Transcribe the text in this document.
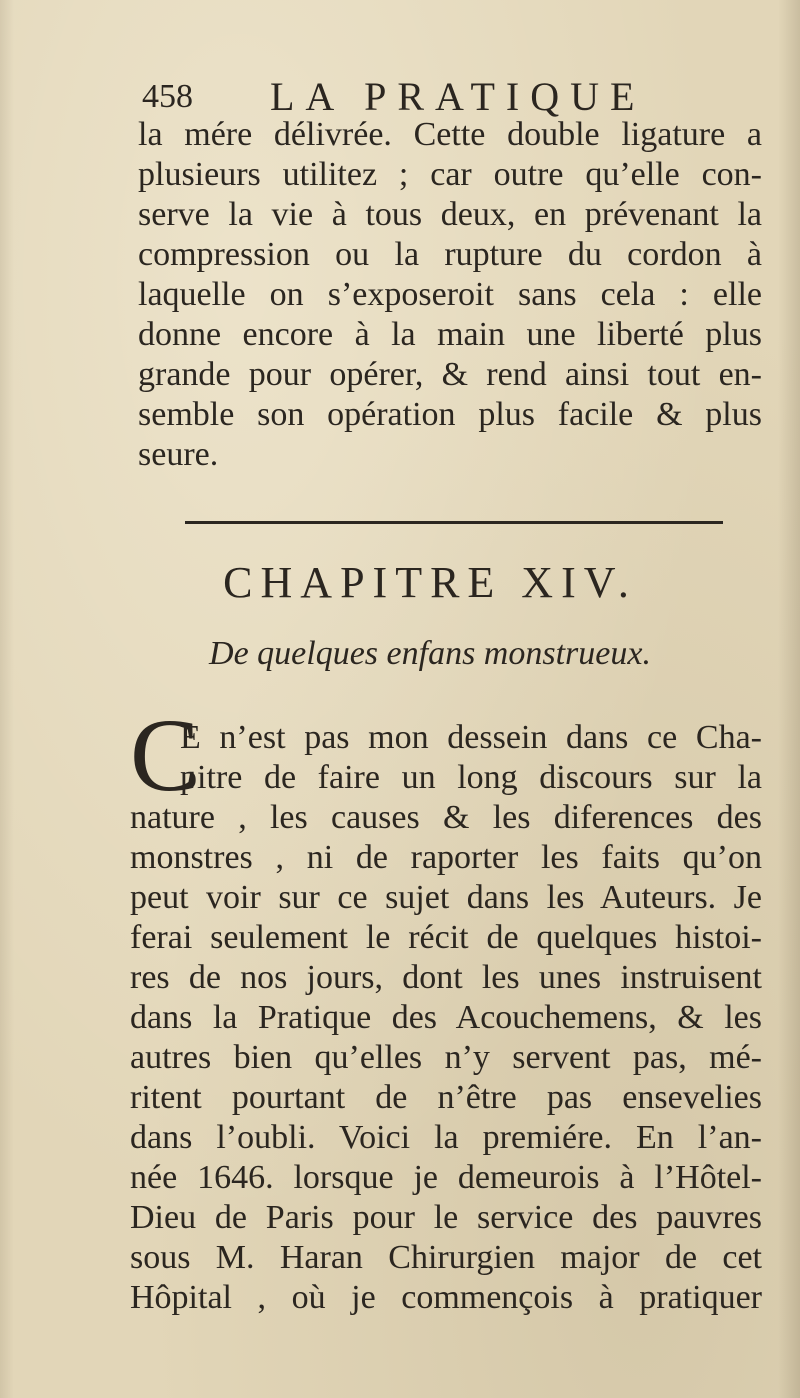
458 LA PRATIQUE
la mére délivrée. Cette double ligature a
plusieurs utilitez ; car outre qu’elle con-
serve la vie à tous deux, en prévenant la
compression ou la rupture du cordon à
laquelle on s’exposeroit sans cela : elle
donne encore à la main une liberté plus
grande pour opérer, & rend ainsi tout en-
semble son opération plus facile & plus
seure.
CHAPITRE XIV.
De quelques enfans monstrueux.
C
E n’est pas mon dessein dans ce Cha-
pitre de faire un long discours sur la
nature , les causes & les diferences des
monstres , ni de raporter les faits qu’on
peut voir sur ce sujet dans les Auteurs. Je
ferai seulement le récit de quelques histoi-
res de nos jours, dont les unes instruisent
dans la Pratique des Acouchemens, & les
autres bien qu’elles n’y servent pas, mé-
ritent pourtant de n’être pas ensevelies
dans l’oubli. Voici la premiére. En l’an-
née 1646. lorsque je demeurois à l’Hôtel-
Dieu de Paris pour le service des pauvres
sous M. Haran Chirurgien major de cet
Hôpital , où je commençois à pratiquer
